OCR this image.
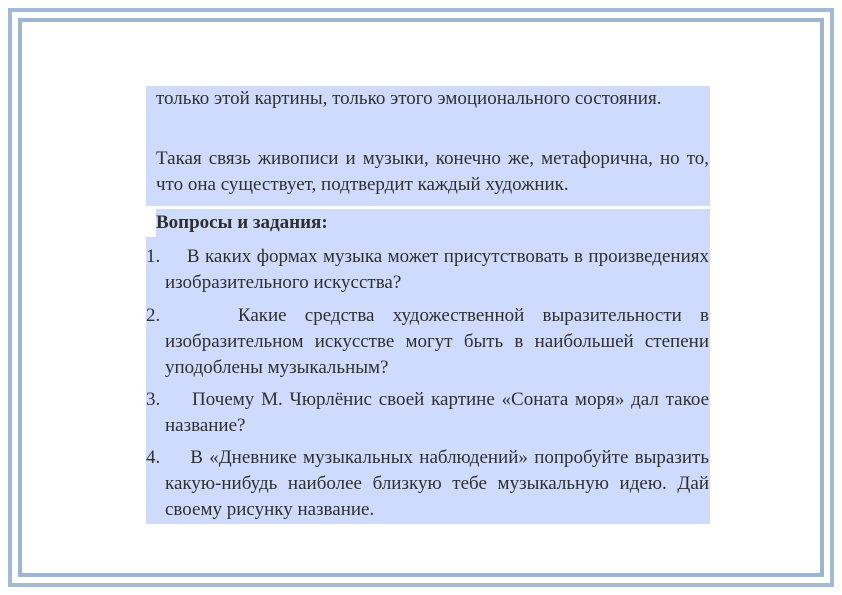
только этой картины, только этого эмоционального состояния.

Такая связь живописи и музыки, конечно же, метафорична, но то, что она существует, подтвердит каждый художник.

Вопросы и задания:

1. В каких формах музыка может присутствовать в произведениях изобразительного искусства?

2. Какие средства художественной выразительности в изобразительном искусстве могут быть в наибольшей степени уподоблены музыкальным?

3. Почему М. Чюрлёнис своей картине «Соната моря» дал такое название?

4. В «Дневнике музыкальных наблюдений» попробуйте выразить какую-нибудь наиболее близкую тебе музыкальную идею. Дай своему рисунку название.
